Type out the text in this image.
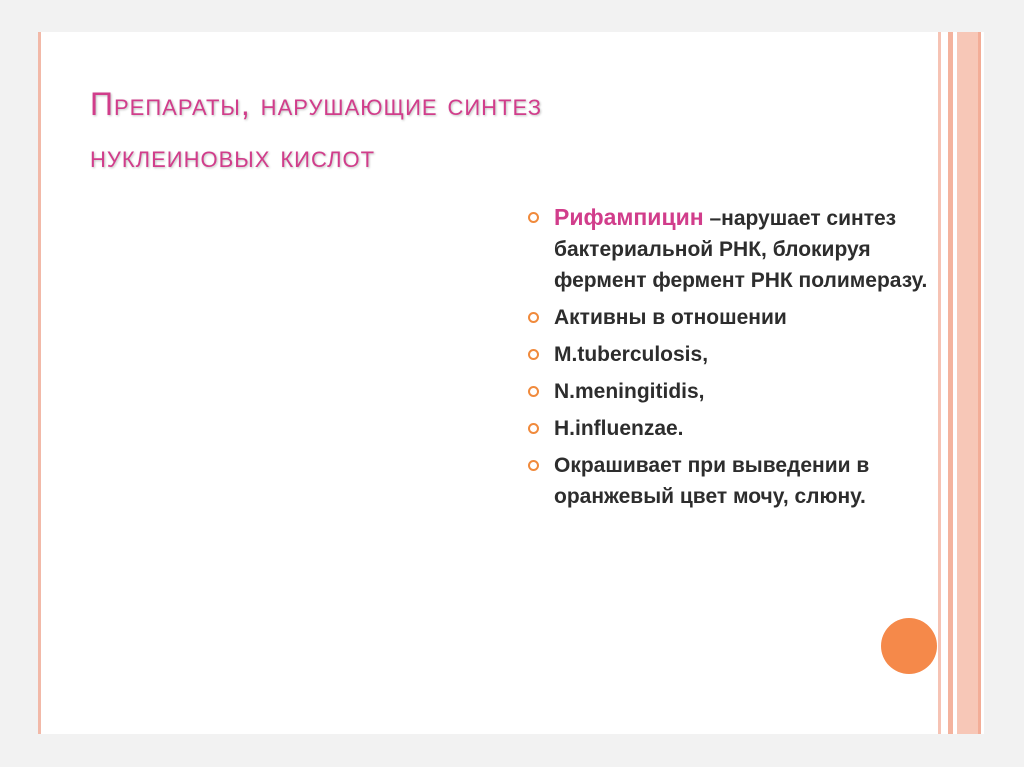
Препараты, нарушающие синтез
нуклеиновых кислот
Рифампицин –нарушает синтез бактериальной РНК, блокируя фермент фермент РНК полимеразу.
Активны в отношении
M.tuberculosis,
N.meningitidis,
H.influenzae.
Окрашивает при выведении в оранжевый цвет мочу, слюну.
